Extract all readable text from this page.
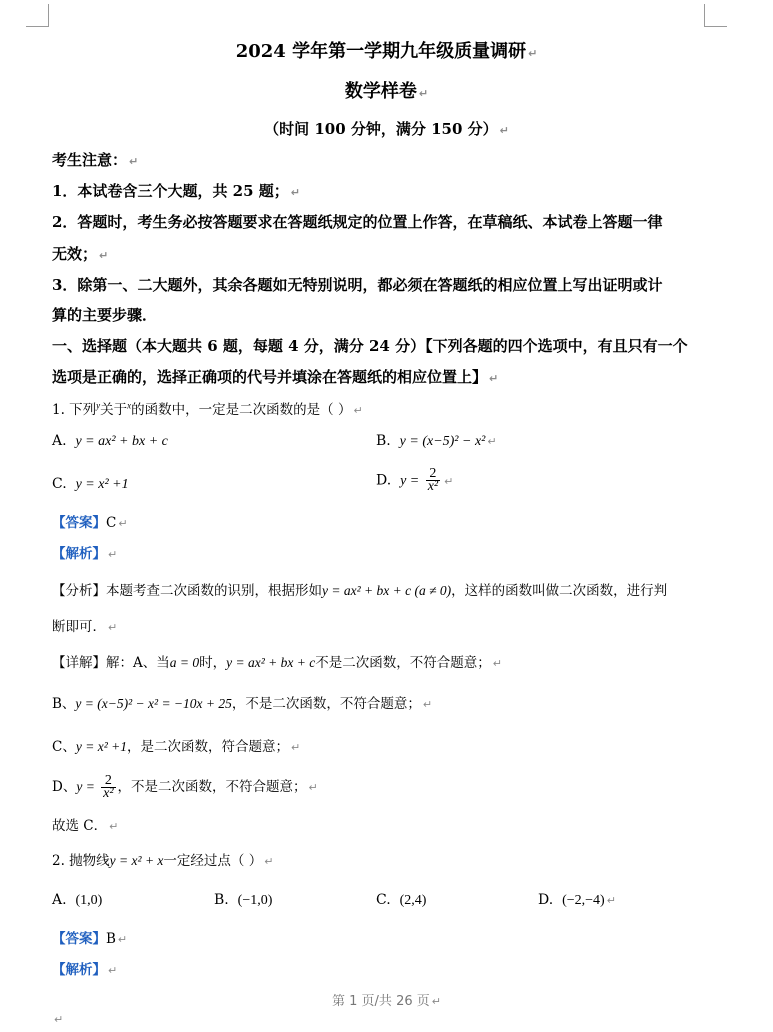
2024 学年第一学期九年级质量调研 ↵
数学样卷 ↵
（时间 100 分钟，满分 150 分） ↵
考生注意： ↵
1．本试卷含三个大题，共 25 题； ↵
2．答题时，考生务必按答题要求在答题纸规定的位置上作答，在草稿纸、本试卷上答题一律
无效； ↵
3．除第一、二大题外，其余各题如无特别说明，都必须在答题纸的相应位置上写出证明或计
算的主要步骤．
一、选择题（本大题共 6 题，每题 4 分，满分 24 分）【下列各题的四个选项中，有且只有一个
选项是正确的，选择正确项的代号并填涂在答题纸的相应位置上】 ↵
1. 下列$^y$关于$^x$的函数中，一定是二次函数的是（ ） ↵
A. y = ax² + bx + c	B. y = (x−5)² − x² ↵
C. y = x² +1	D. $y = \frac{2}{\text{x²}}$ ↵
【答案】C ↵
【解析】 ↵
【分析】本题考查二次函数的识别，根据形如y = ax² + bx + c (a ≠ 0)，这样的函数叫做二次函数，进行判
断即可． ↵
【详解】解：A、当a = 0时，y = ax² + bx + c不是二次函数，不符合题意； ↵
B、y = (x−5)² − x² = −10x + 25，不是二次函数，不符合题意； ↵
C、y = x² +1，是二次函数，符合题意； ↵
D、$y = \frac{2}{\text{x²}}$ ，不是二次函数，不符合题意； ↵
故选 C． ↵
2. 抛物线y = x² + x一定经过点（ ） ↵
A. (1,0)	B. (−1,0)	C. (2,4)	D. (−2,−4) ↵
【答案】B ↵
【解析】 ↵
第 1 页/共 26 页 ↵
↵
